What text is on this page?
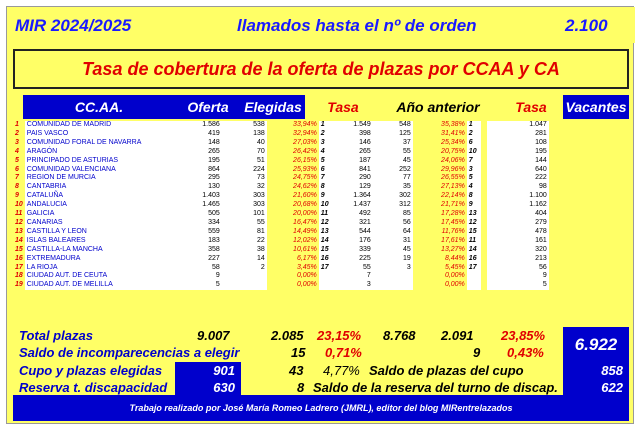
MIR 2024/2025	llamados hasta el nº de orden	2.100
Tasa de cobertura de la oferta de plazas por CCAA y CA
CC.AA.	Oferta	Elegidas	Tasa	Año anterior	Tasa	Vacantes
1	COMUNIDAD DE MADRID	1.586	538	33,94%	1	1.549	548	35,38%	1		1.047
2	PAIS VASCO	419	138	32,94%	2	398	125	31,41%	2		281
3	COMUNIDAD FORAL DE NAVARRA	148	40	27,03%	3	146	37	25,34%	6		108
4	ARAGÓN	265	70	26,42%	4	265	55	20,75%	10		195
5	PRINCIPADO DE ASTURIAS	195	51	26,15%	5	187	45	24,06%	7		144
6	COMUNIDAD VALENCIANA	864	224	25,93%	6	841	252	29,96%	3		640
7	REGION DE MURCIA	295	73	24,75%	7	290	77	26,55%	5		222
8	CANTABRIA	130	32	24,62%	8	129	35	27,13%	4		98
9	CATALUÑA	1.403	303	21,60%	9	1.364	302	22,14%	8		1.100
10	ANDALUCIA	1.465	303	20,68%	10	1.437	312	21,71%	9		1.162
11	GALICIA	505	101	20,00%	11	492	85	17,28%	13		404
12	CANARIAS	334	55	16,47%	12	321	56	17,45%	12		279
13	CASTILLA Y LEON	559	81	14,49%	13	544	64	11,76%	15		478
14	ISLAS BALEARES	183	22	12,02%	14	176	31	17,61%	11		161
15	CASTILLA-LA MANCHA	358	38	10,61%	15	339	45	13,27%	14		320
16	EXTREMADURA	227	14	6,17%	16	225	19	8,44%	16		213
17	LA RIOJA	58	2	3,45%	17	55	3	5,45%	17		56
18	CIUDAD AUT. DE CEUTA	9		0,00%		7		0,00%			9
19	CIUDAD AUT. DE MELILLA	5		0,00%		3		0,00%			5
Total plazas	9.007	2.085 23,15% 8.768 2.091 23,85%	6.922
Saldo de incomparecencias a elegir	15 0,71%	9 0,43%
Cupo y plazas elegidas	901	43 4,77% Saldo de plazas del cupo	858
Reserva t. discapacidad	630	8 Saldo de la reserva del turno de discap.	622
Trabajo realizado por José María Romeo Ladrero (JMRL), editor del blog MIRentrelazados
